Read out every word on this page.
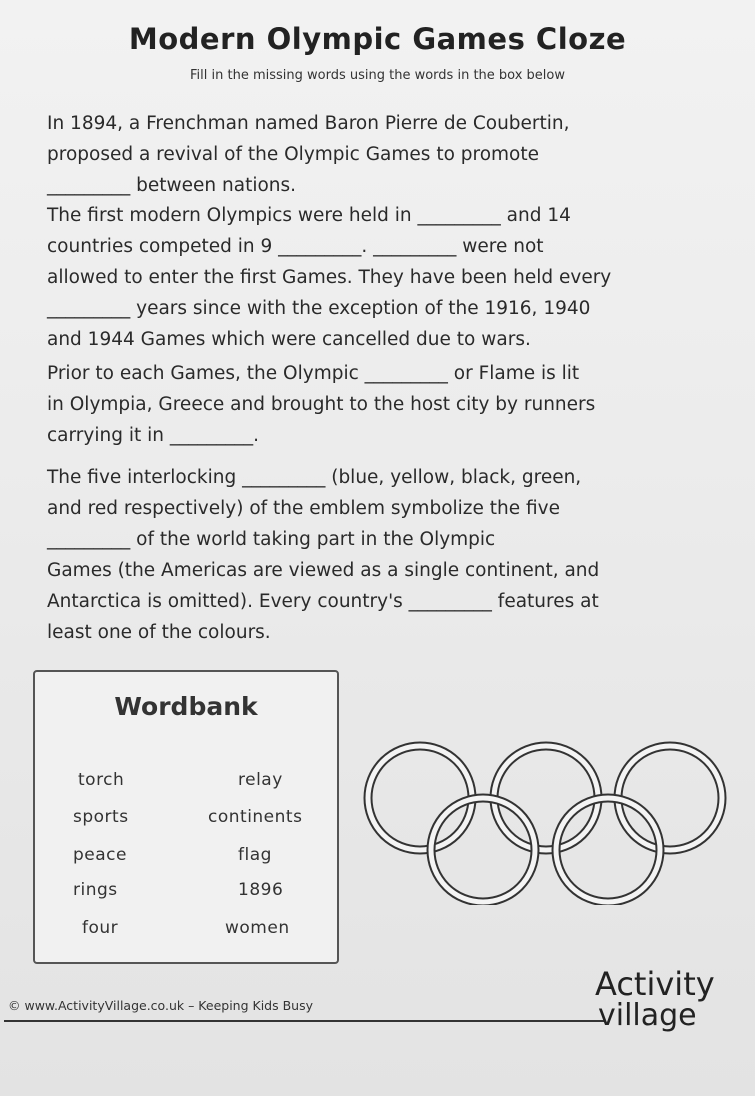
Modern Olympic Games Cloze
Fill in the missing words using the words in the box below
In 1894, a Frenchman named Baron Pierre de Coubertin,
proposed a revival of the Olympic Games to promote
_________ between nations.
The first modern Olympics were held in _________ and 14
countries competed in 9 _________. _________ were not
allowed to enter the first Games. They have been held every
_________ years since with the exception of the 1916, 1940
and 1944 Games which were cancelled due to wars.
Prior to each Games, the Olympic _________ or Flame is lit
in Olympia, Greece and brought to the host city by runners
carrying it in _________.
The five interlocking _________ (blue, yellow, black, green,
and red respectively) of the emblem symbolize the five
_________ of the world taking part in the Olympic
Games (the Americas are viewed as a single continent, and
Antarctica is omitted). Every country's _________ features at
least one of the colours.
Wordbank
torch	relay
sports	continents
peace	flag
rings	1896
four	women
© www.ActivityVillage.co.uk – Keeping Kids Busy
Activity
village
